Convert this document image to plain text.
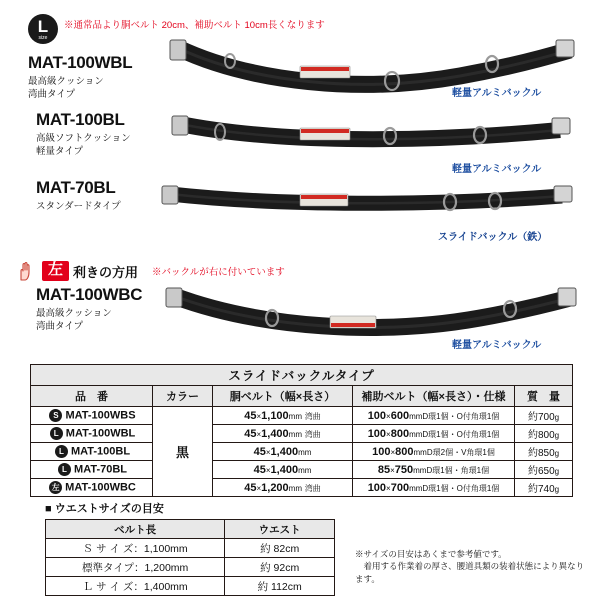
L
size
※通常品より胴ベルト 20cm、補助ベルト 10cm長くなります
MAT-100WBL
最高級クッション
湾曲タイプ	軽量アルミバックル
MAT-100BL
高級ソフトクッション
軽量タイプ
軽量アルミバックル
MAT-70BL
スタンダードタイプ
スライドバックル（鉄）
左 利きの方用 ※バックルが右に付いています
MAT-100WBC
最高級クッション
湾曲タイプ
軽量アルミバックル
スライドバックルタイプ				
品　番	カラー	胴ベルト（幅×長さ）	補助ベルト（幅×長さ）・仕様	質　量
S MAT-100WBS	黒	45×1,100mm 湾曲	100×600mmD環1個・O付角環1個	約700g
L MAT-100WBL		45×1,400mm 湾曲	100×800mmD環1個・O付角環1個	約800g
L MAT-100BL		45×1,400mm	100×800mmD環2個・V角環1個	約850g
L MAT-70BL		45×1,400mm	85×750mmD環1個・角環1個	約650g
左 MAT-100WBC		45×1,200mm 湾曲	100×700mmD環1個・O付角環1個	約740g
■ ウエストサイズの目安
ベルト長	ウエスト
Ｓ サ イ ズ：1,100mm	約 82cm
標準タイプ：1,200mm	約 92cm
Ｌ サ イ ズ：1,400mm	約 112cm
※サイズの目安はあくまで参考値です。
　着用する作業着の厚さ、腰道具類の装着状態により異なります。
